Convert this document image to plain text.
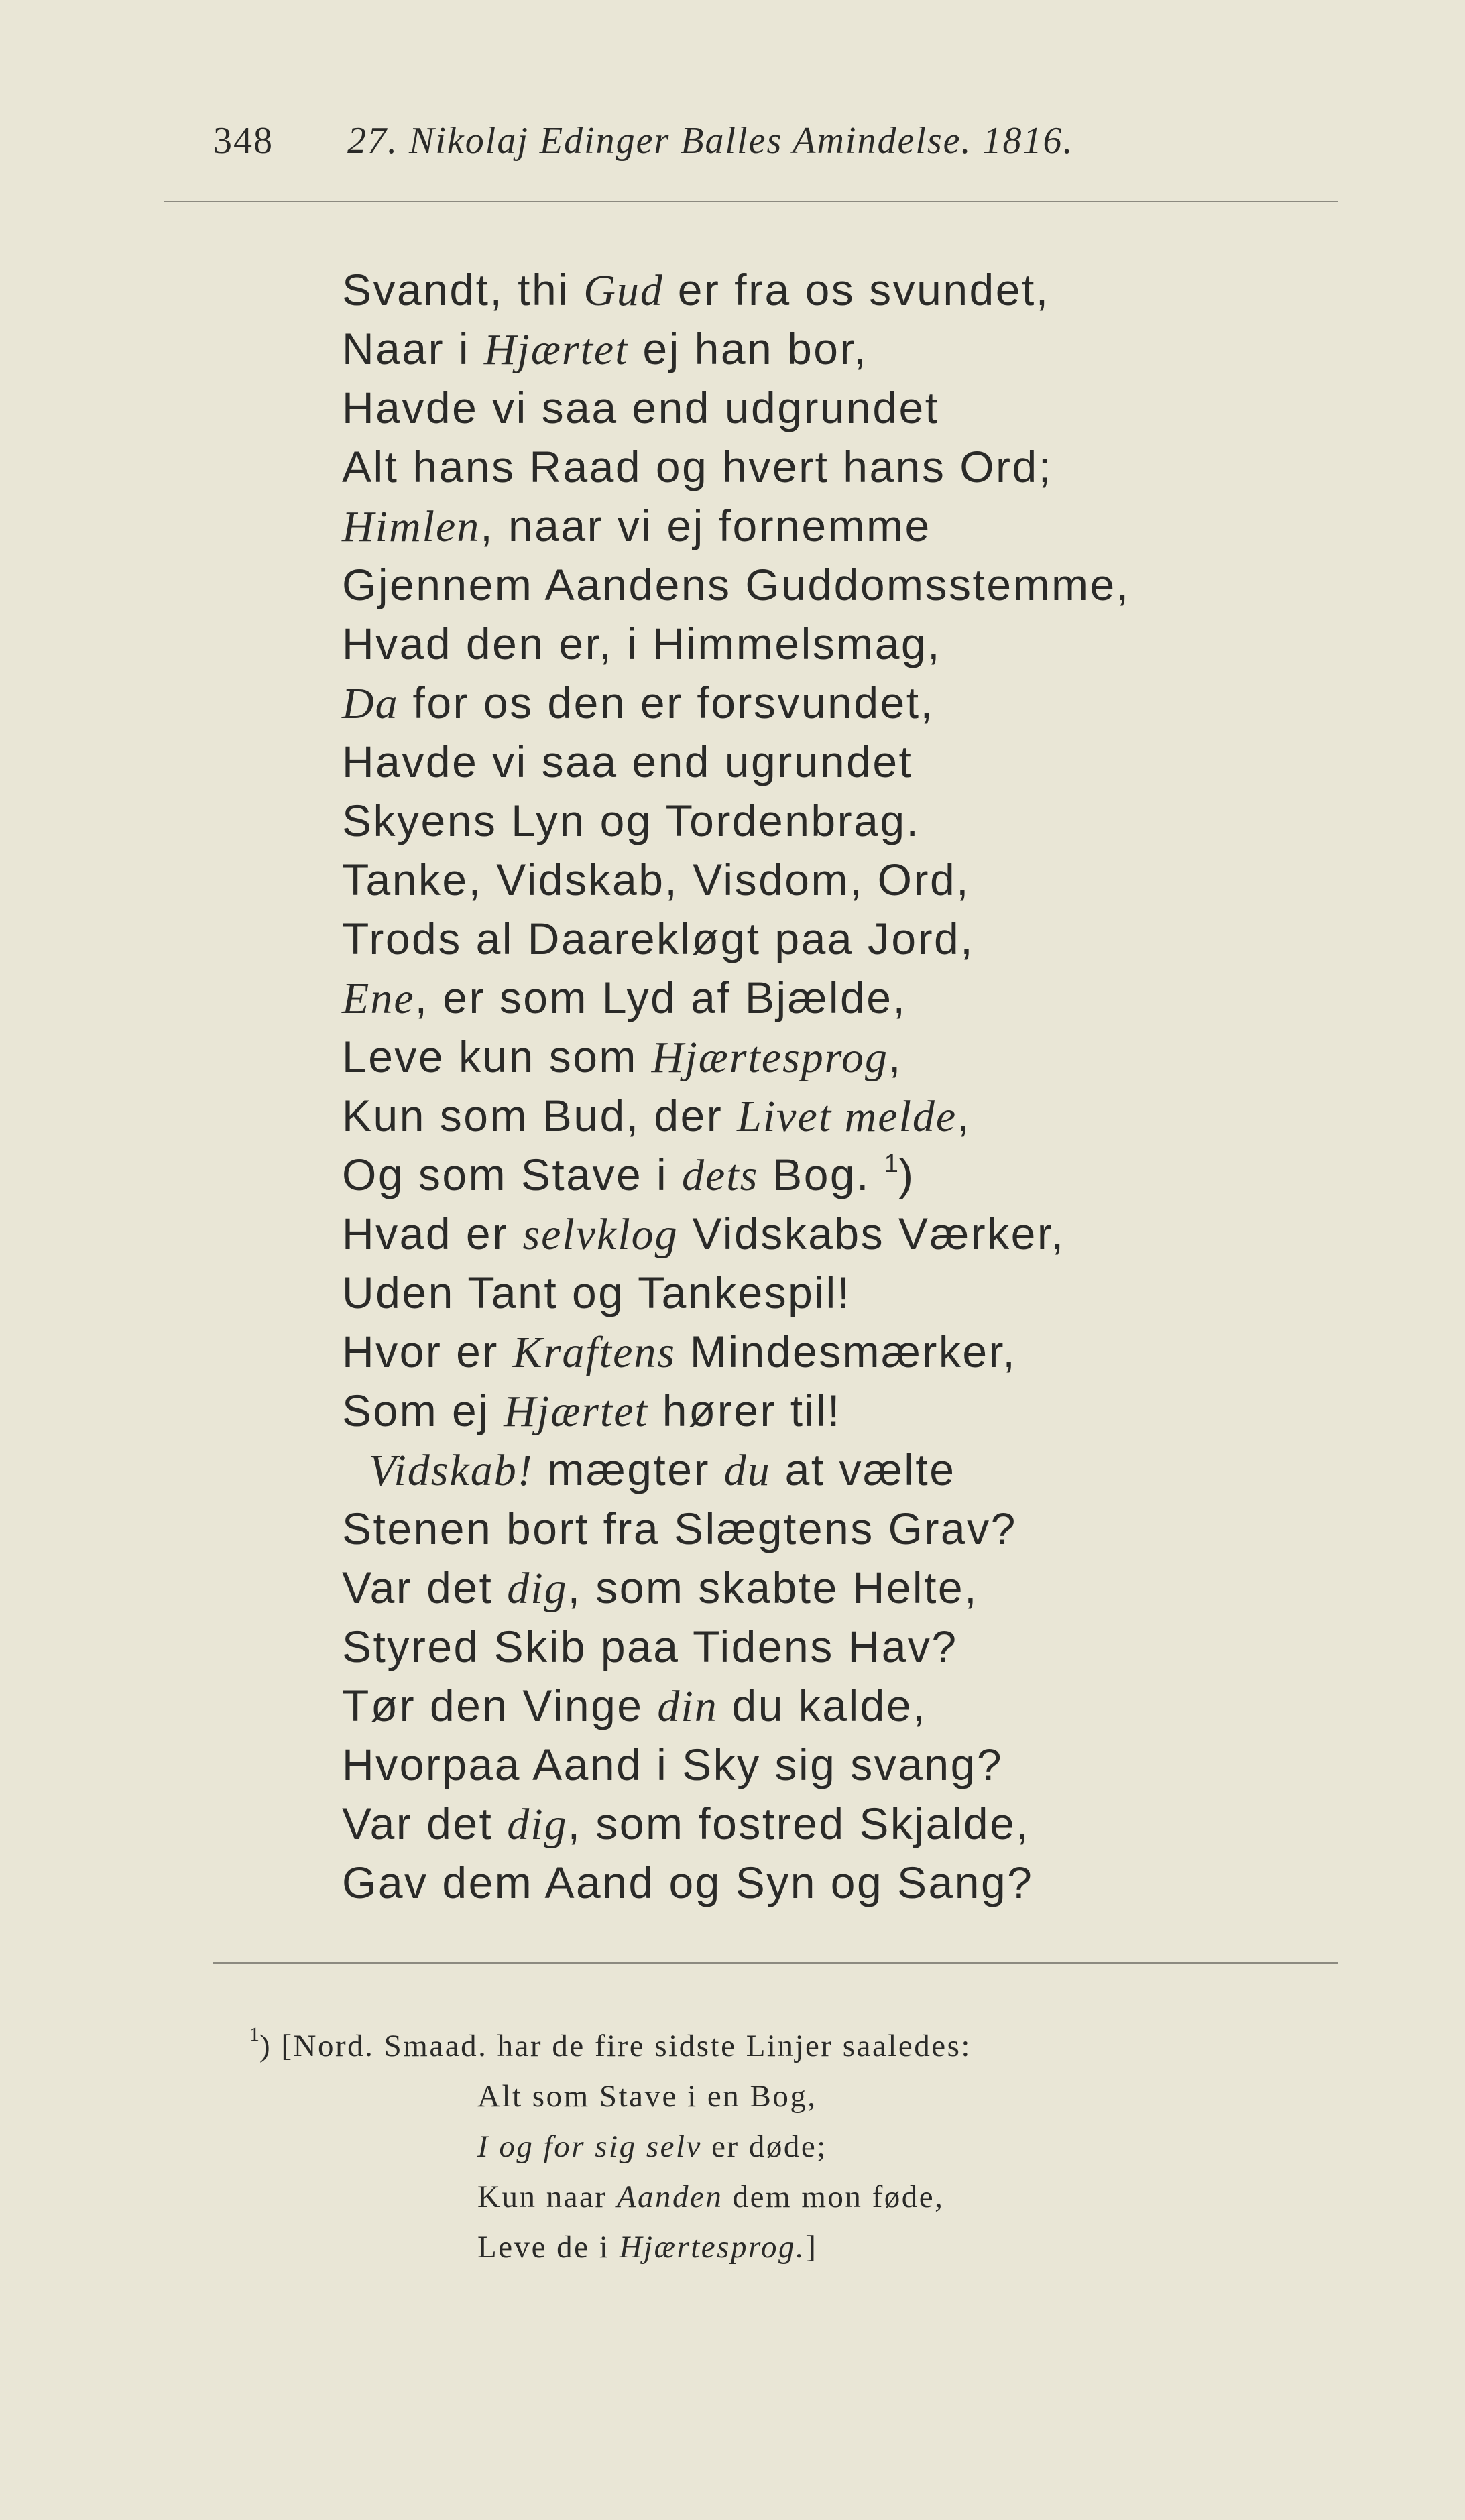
348 27. Nikolaj Edinger Balles Amindelse. 1816.
Svandt, thi Gud er fra os svundet,
Naar i Hjærtet ej han bor,
Havde vi saa end udgrundet
Alt hans Raad og hvert hans Ord;
Himlen, naar vi ej fornemme
Gjennem Aandens Guddomsstemme,
Hvad den er, i Himmelsmag,
Da for os den er forsvundet,
Havde vi saa end ugrundet
Skyens Lyn og Tordenbrag.
Tanke, Vidskab, Visdom, Ord,
Trods al Daarekløgt paa Jord,
Ene, er som Lyd af Bjælde,
Leve kun som Hjærtesprog,
Kun som Bud, der Livet melde,
Og som Stave i dets Bog. $^1$)
Hvad er selvklog Vidskabs Værker,
Uden Tant og Tankespil!
Hvor er Kraftens Mindesmærker,
Som ej Hjærtet hører til!
Vidskab! mægter du at vælte
Stenen bort fra Slægtens Grav?
Var det dig, som skabte Helte,
Styred Skib paa Tidens Hav?
Tør den Vinge din du kalde,
Hvorpaa Aand i Sky sig svang?
Var det dig, som fostred Skjalde,
Gav dem Aand og Syn og Sang?
$^1$) [Nord. Smaad. har de fire sidste Linjer saaledes:
Alt som Stave i en Bog,
I og for sig selv er døde;
Kun naar Aanden dem mon føde,
Leve de i Hjærtesprog.]
